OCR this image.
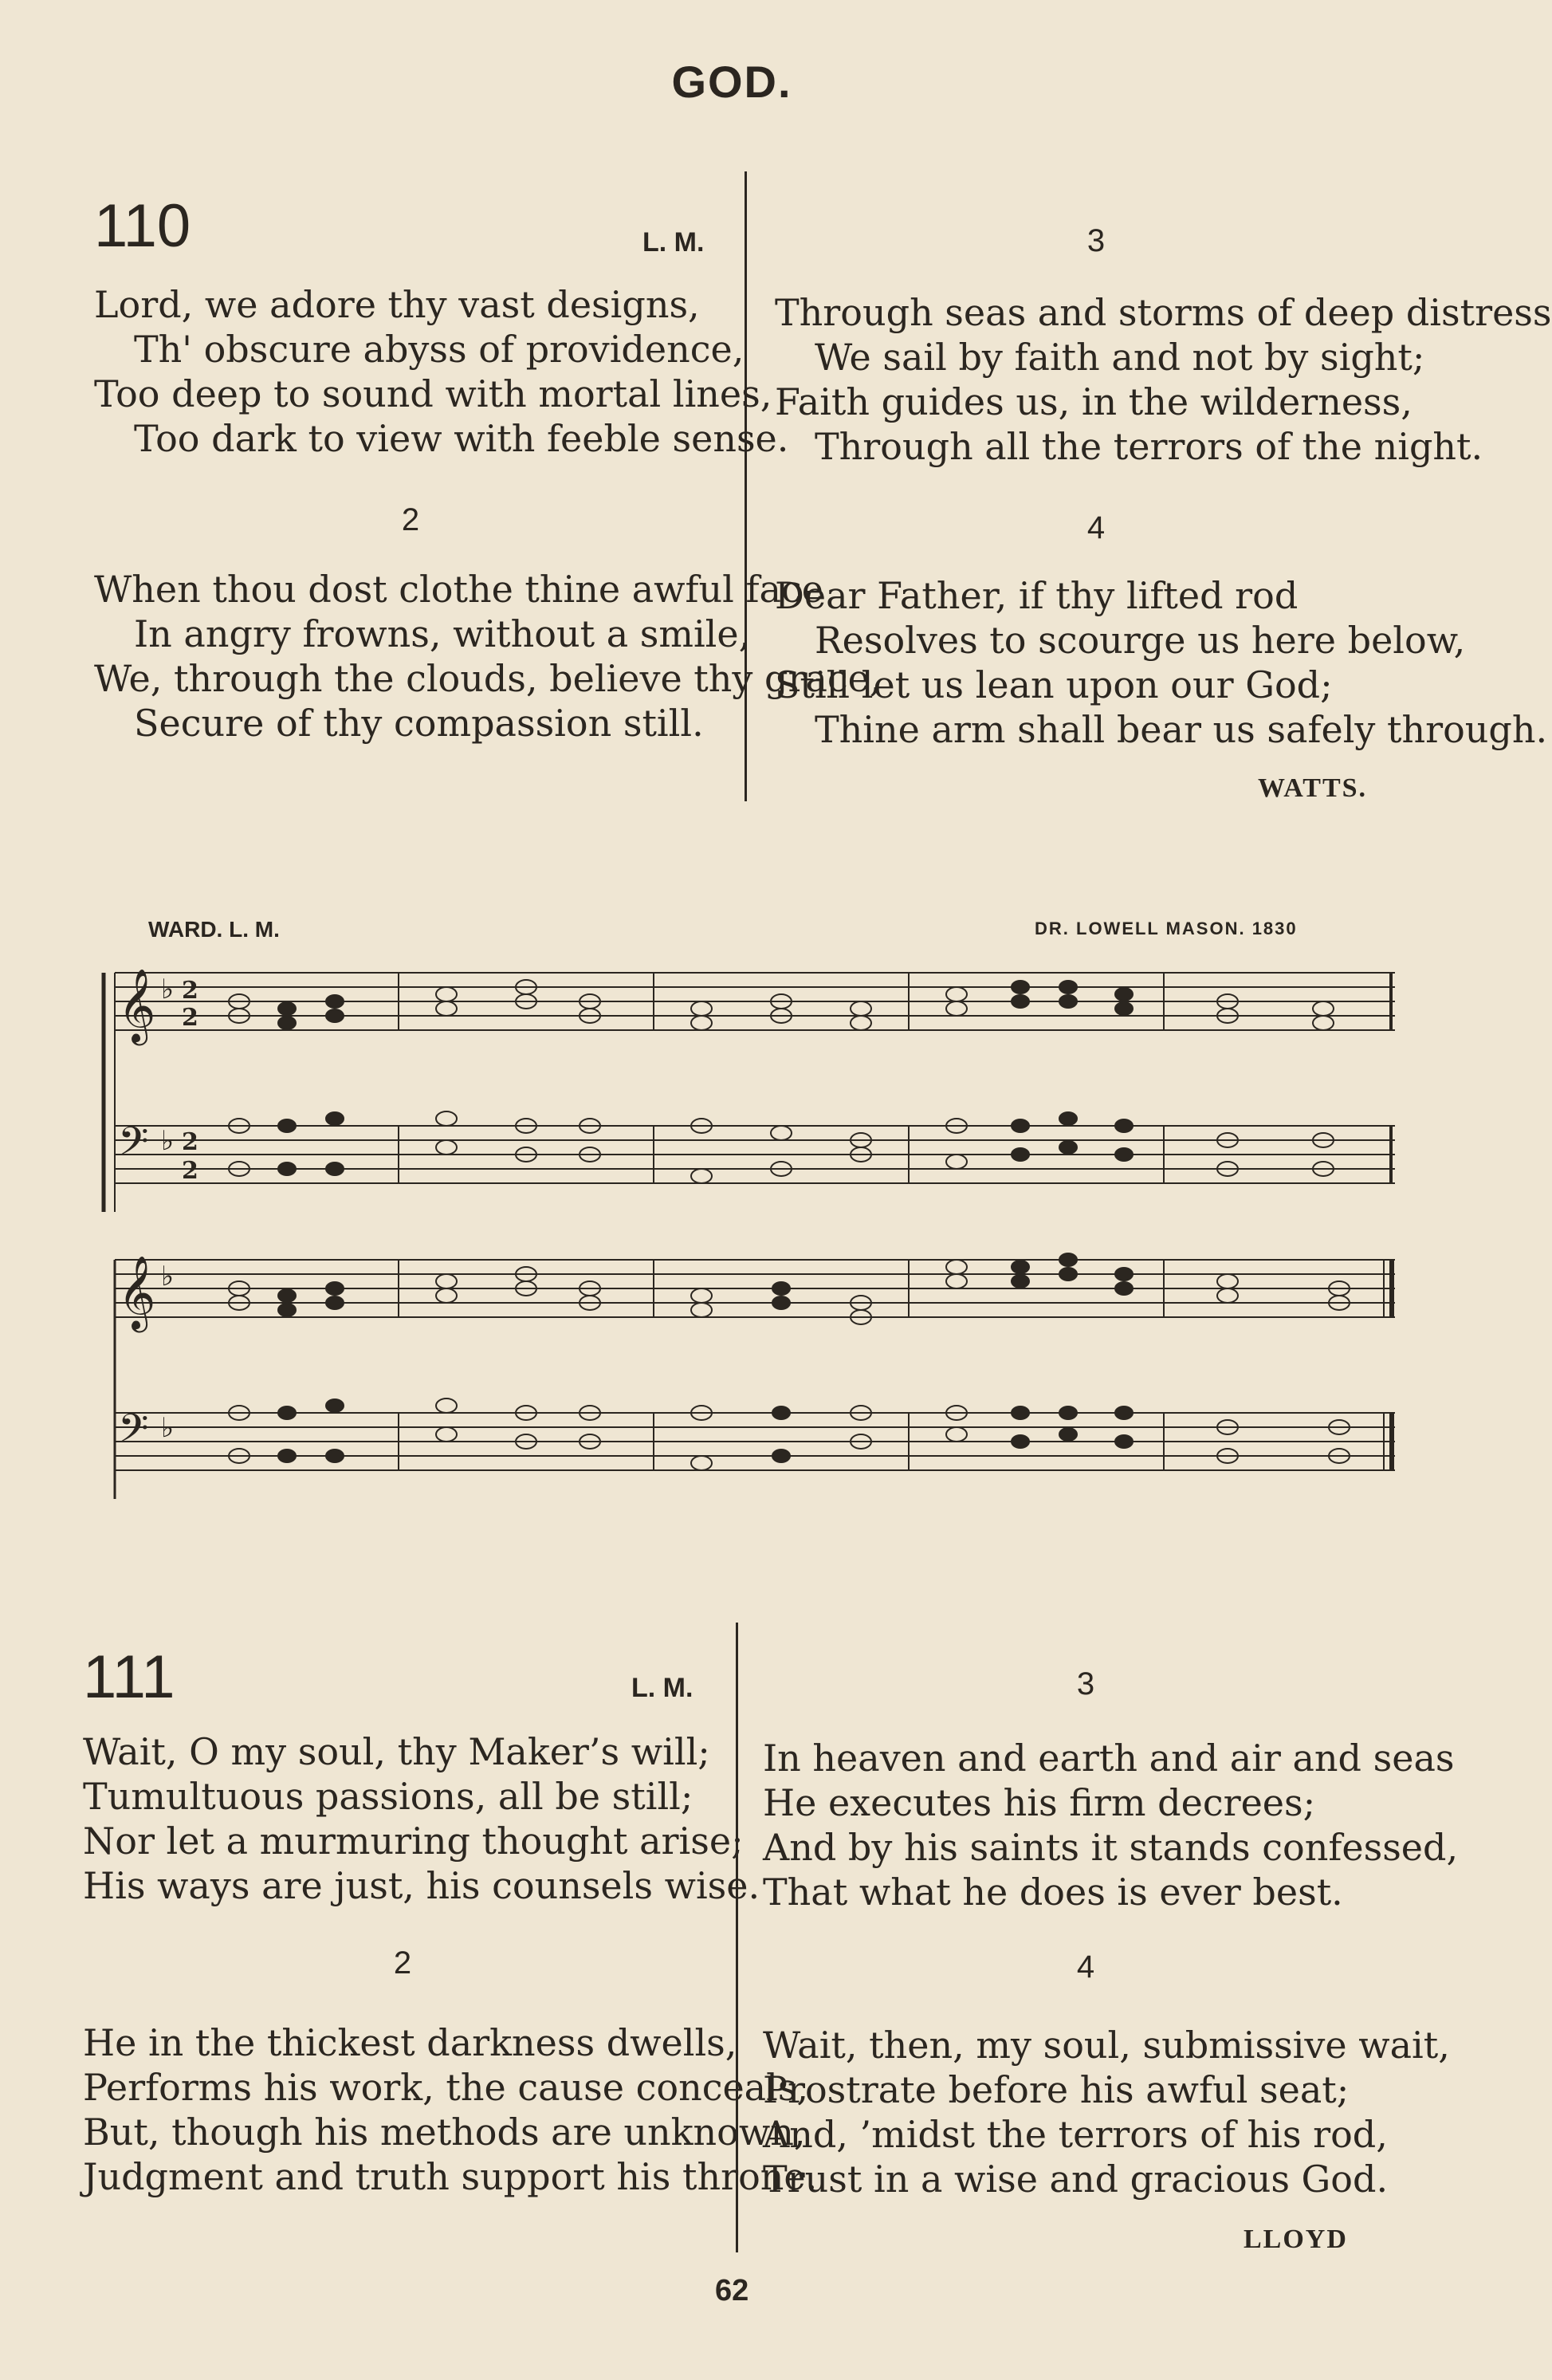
GOD.
110	L. M.
Lord, we adore thy vast designs,
Th' obscure abyss of providence,
Too deep to sound with mortal lines,
Too dark to view with feeble sense.
2
When thou dost clothe thine awful face
In angry frowns, without a smile,
We, through the clouds, believe thy grace,
Secure of thy compassion still.
3
Through seas and storms of deep distress
We sail by faith and not by sight;
Faith guides us, in the wilderness,
Through all the terrors of the night.
4
Dear Father, if thy lifted rod
Resolves to scourge us here below,
Still let us lean upon our God;
Thine arm shall bear us safely through.
WATTS.
WARD. L. M.	DR. LOWELL MASON. 1830
𝄞
𝄢
♭
♭
2
2
2
2
𝄞
𝄢
♭
♭
111	L. M.
Wait, O my soul, thy Maker’s will;
Tumultuous passions, all be still;
Nor let a murmuring thought arise;
His ways are just, his counsels wise.
2
He in the thickest darkness dwells,
Performs his work, the cause conceals,
But, though his methods are unknown,
Judgment and truth support his throne.
3
In heaven and earth and air and seas
He executes his firm decrees;
And by his saints it stands confessed,
That what he does is ever best.
4
Wait, then, my soul, submissive wait,
Prostrate before his awful seat;
And, ’midst the terrors of his rod,
Trust in a wise and gracious God.
LLOYD
62
